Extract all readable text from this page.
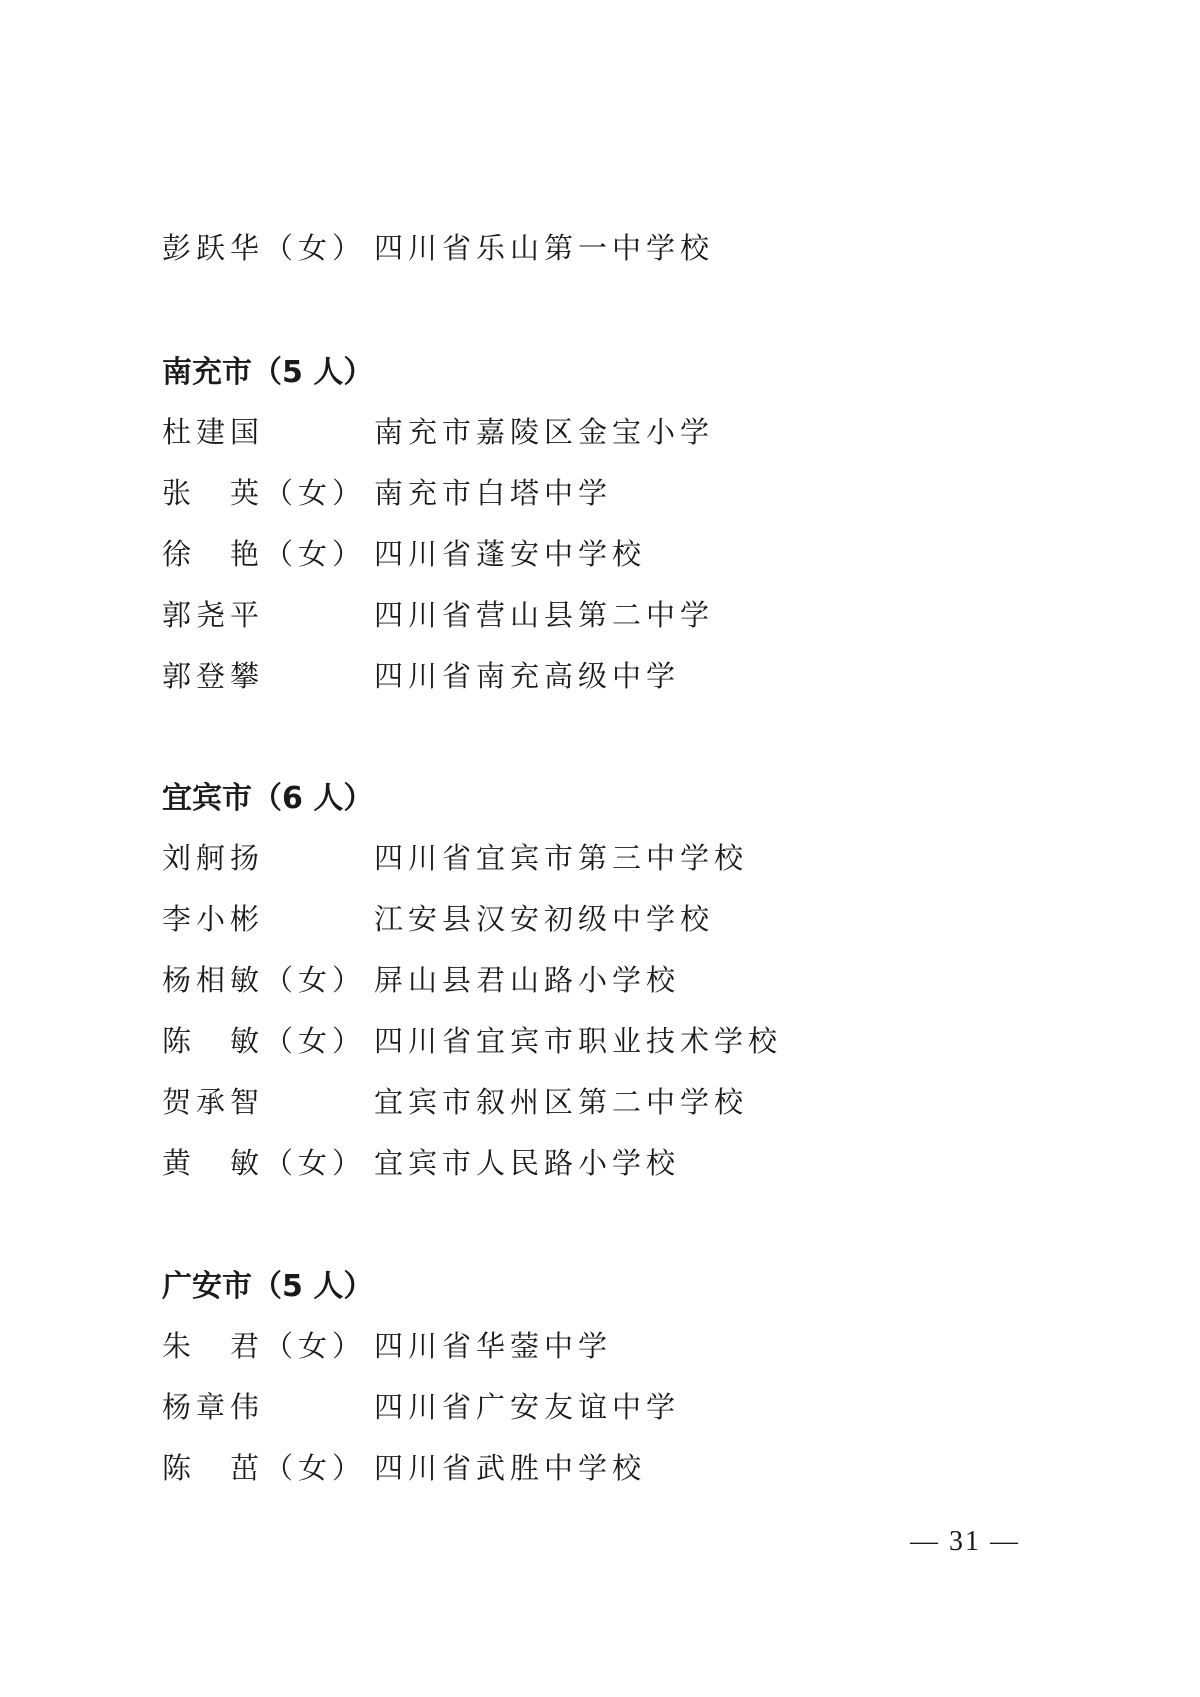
彭跃华（女） 四川省乐山第一中学校
南充市（5 人）
杜建国	南充市嘉陵区金宝小学
张　英（女） 南充市白塔中学
徐　艳（女） 四川省蓬安中学校
郭尧平	四川省营山县第二中学
郭登攀	四川省南充高级中学
宜宾市（6 人）
刘舸扬	四川省宜宾市第三中学校
李小彬	江安县汉安初级中学校
杨相敏（女） 屏山县君山路小学校
陈　敏（女） 四川省宜宾市职业技术学校
贺承智	宜宾市叙州区第二中学校
黄　敏（女） 宜宾市人民路小学校
广安市（5 人）
朱　君（女） 四川省华蓥中学
杨章伟	四川省广安友谊中学
陈　茁（女） 四川省武胜中学校
— 31 —
